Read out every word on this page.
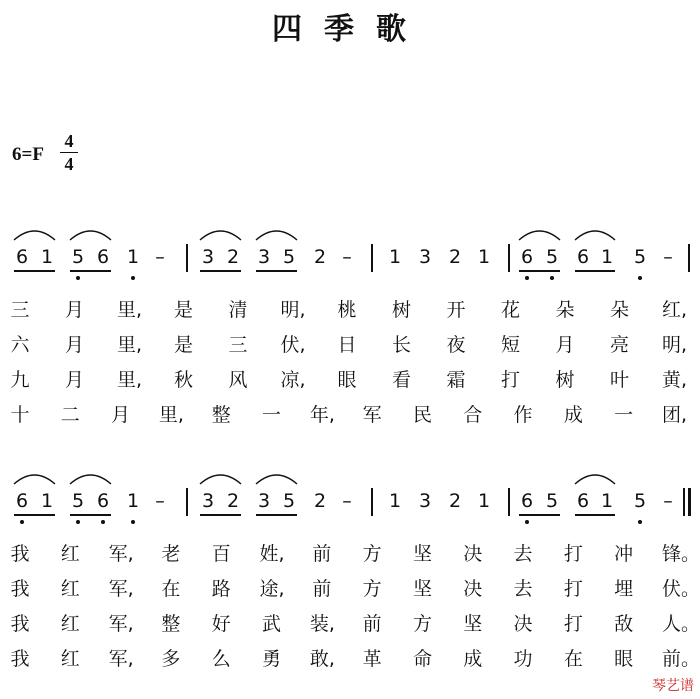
四季歌
6=F
4
4
6 1 5 6 1 – 3 2 3 5 2 – 1 3 2 1 6 5 6 1 5 –
三 月 里, 是 清 明, 桃 树 开 花 朵 朵 红,
六 月 里, 是 三 伏, 日 长 夜 短 月 亮 明,
九 月 里, 秋 风 凉, 眼 看 霜 打 树 叶 黄,
十 二 月 里, 整 一 年, 军 民 合 作 成 一 团,
6 1 5 6 1 – 3 2 3 5 2 – 1 3 2 1 6 5 6 1 5 –
我 红 军, 老 百 姓, 前 方 坚 决 去 打 冲 锋。
我 红 军, 在 路 途, 前 方 坚 决 去 打 埋 伏。
我 红 军, 整 好 武 装, 前 方 坚 决 打 敌 人。
我 红 军, 多 么 勇 敢, 革 命 成 功 在 眼 前。
琴艺谱
